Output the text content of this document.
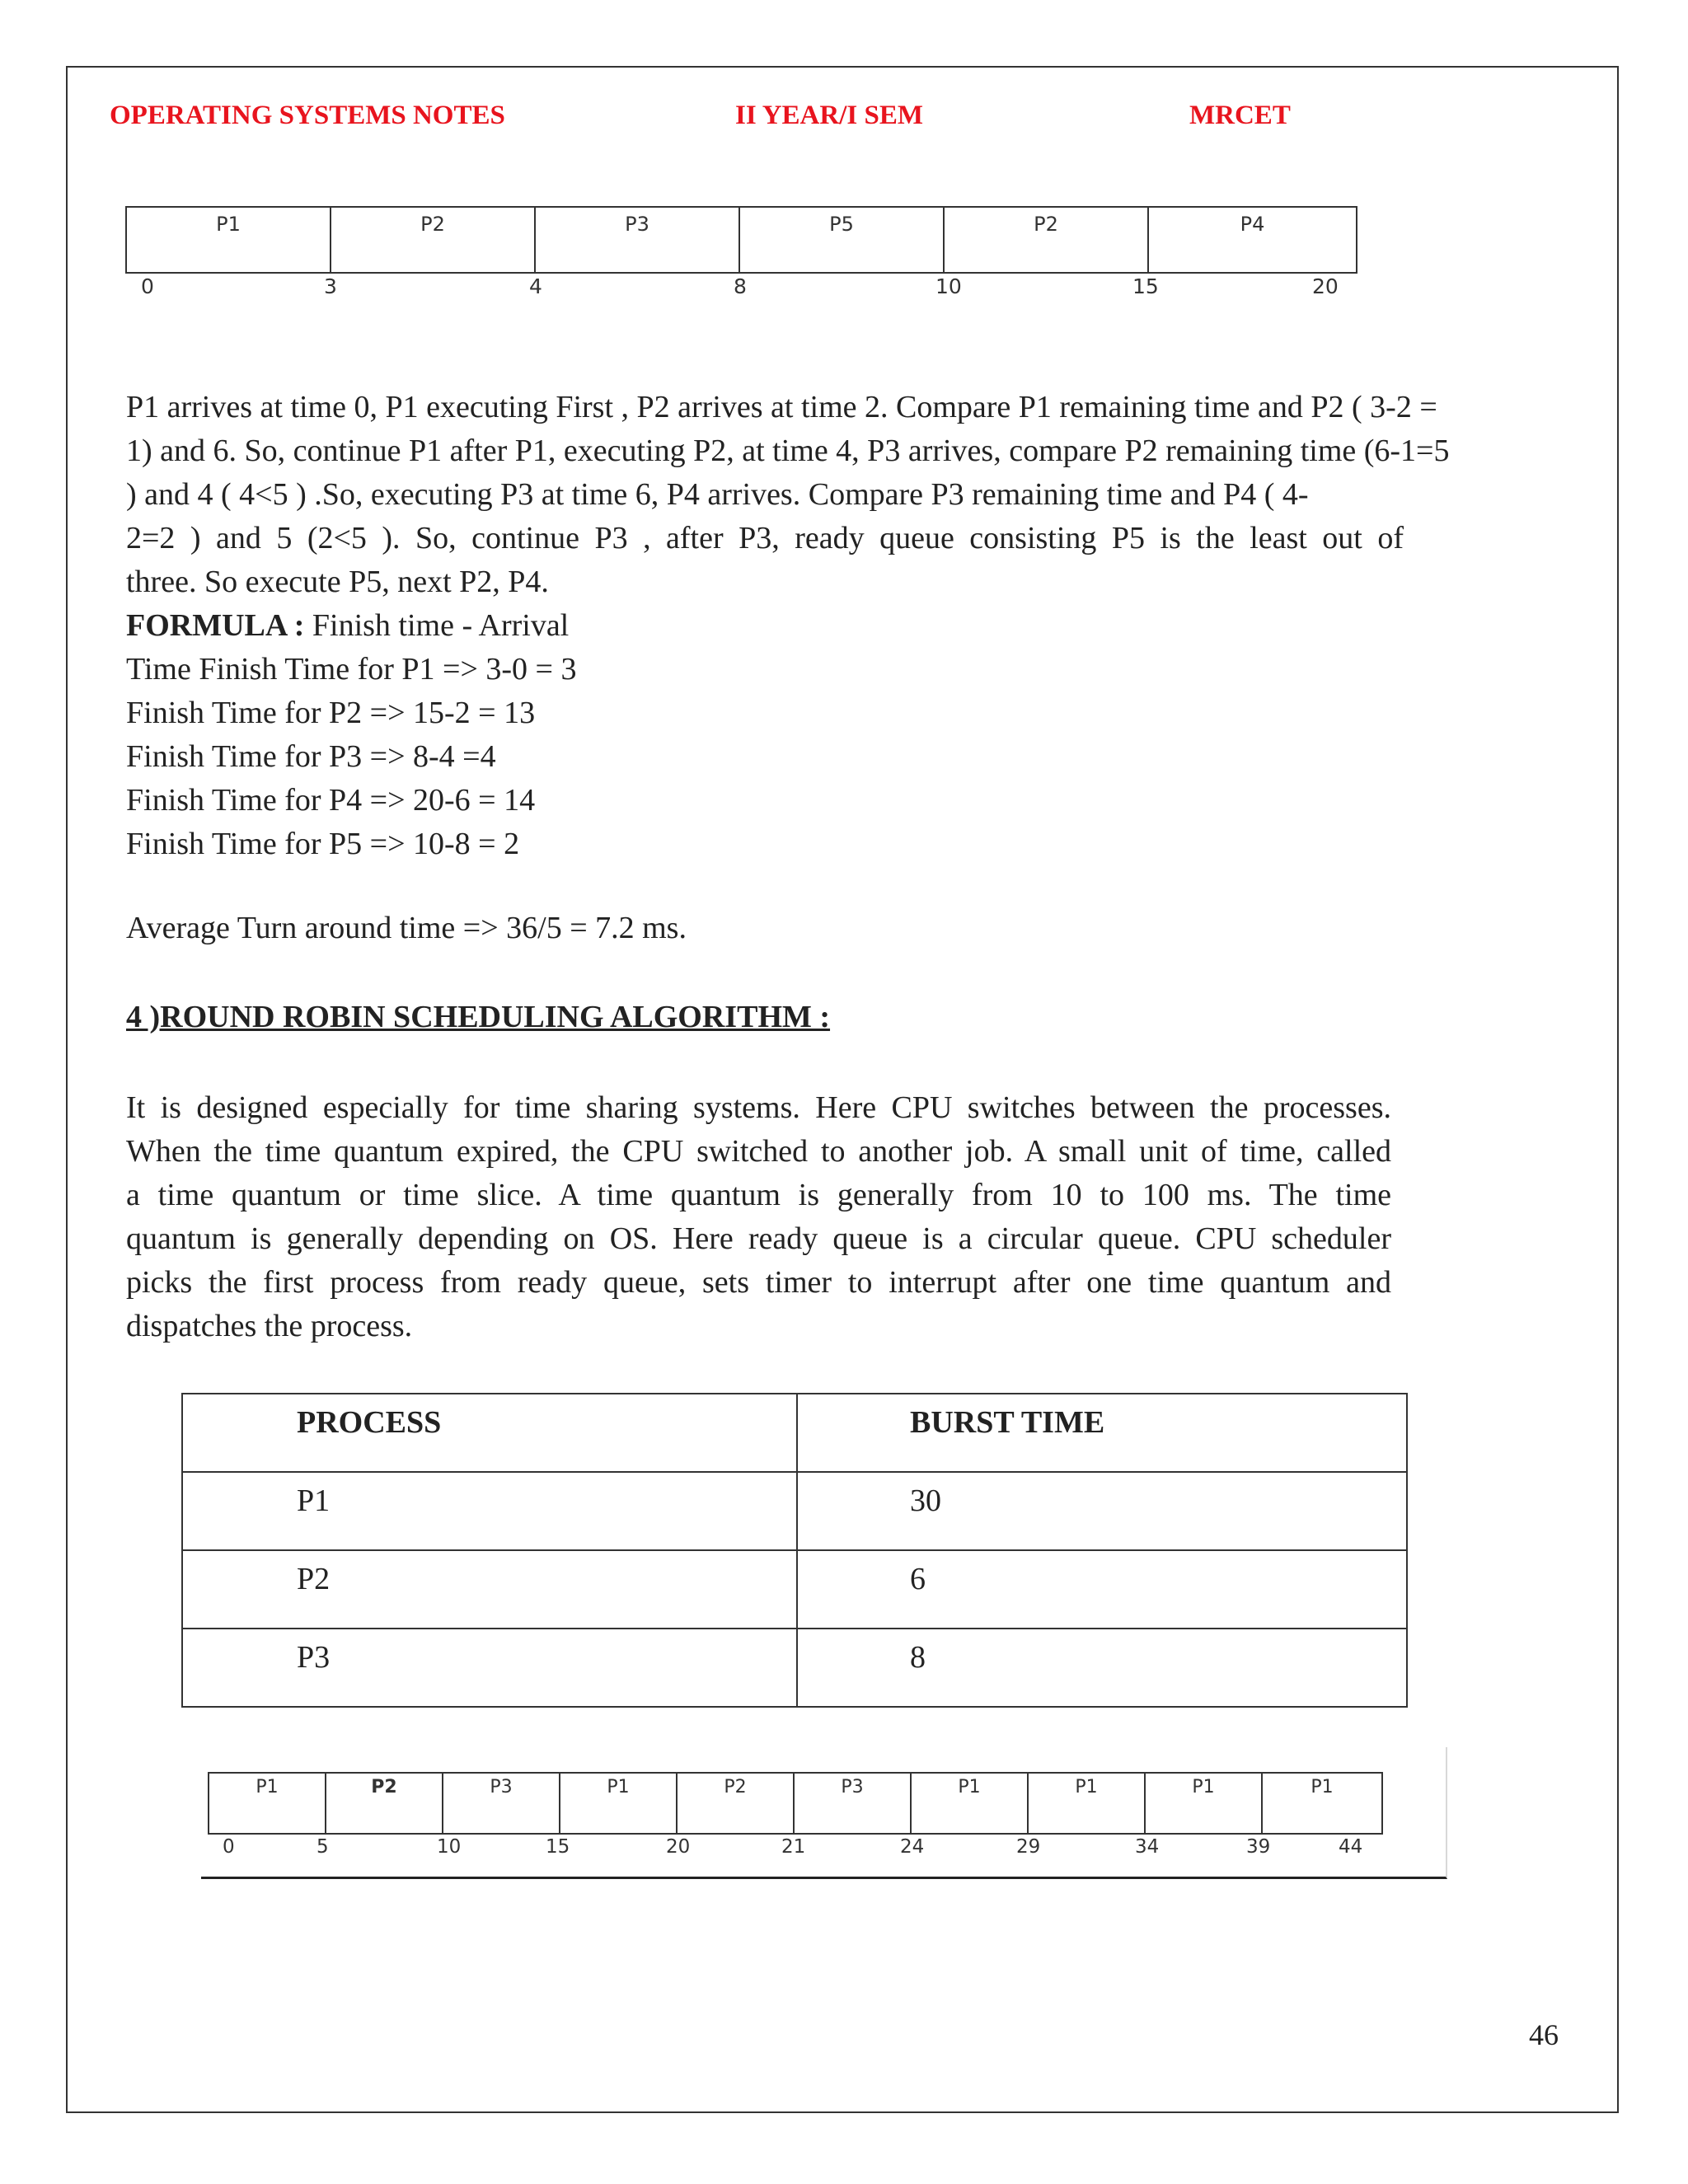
OPERATING SYSTEMS NOTES	II YEAR/I SEM	MRCET
P1	P2	P3	P5	P2	P4
0	3	4	8	10	15	20

P1 arrives at time 0, P1 executing First , P2 arrives at time 2. Compare P1 remaining time and P2 ( 3-2 =

1) and 6. So, continue P1 after P1, executing P2, at time 4, P3 arrives, compare P2 remaining time (6-1=5

) and 4 ( 4<5 ) .So, executing P3 at time 6, P4 arrives. Compare P3 remaining time and P4 ( 4-

2=2 ) and 5 (2<5 ). So, continue P3 , after P3, ready queue consisting P5 is the least out of

three. So execute P5, next P2, P4.

FORMULA : Finish time - Arrival

Time Finish Time for P1 => 3-0 = 3

Finish Time for P2 => 15-2 = 13

Finish Time for P3 => 8-4 =4

Finish Time for P4 => 20-6 = 14

Finish Time for P5 => 10-8 = 2

Average Turn around time => 36/5 = 7.2 ms.
4 )ROUND ROBIN SCHEDULING ALGORITHM :

It is designed especially for time sharing systems. Here CPU switches between the processes.

When the time quantum expired, the CPU switched to another job. A small unit of time, called

a time quantum or time slice. A time quantum is generally from 10 to 100 ms. The time

quantum is generally depending on OS. Here ready queue is a circular queue. CPU scheduler

picks the first process from ready queue, sets timer to interrupt after one time quantum and

dispatches the process.

PROCESS	BURST TIME
P1	30
P2	6
P3	8
P1	P2	P3	P1	P2	P3	P1	P1	P1	P1
0	5	10	15	20	21	24	29	34	39	44
46
